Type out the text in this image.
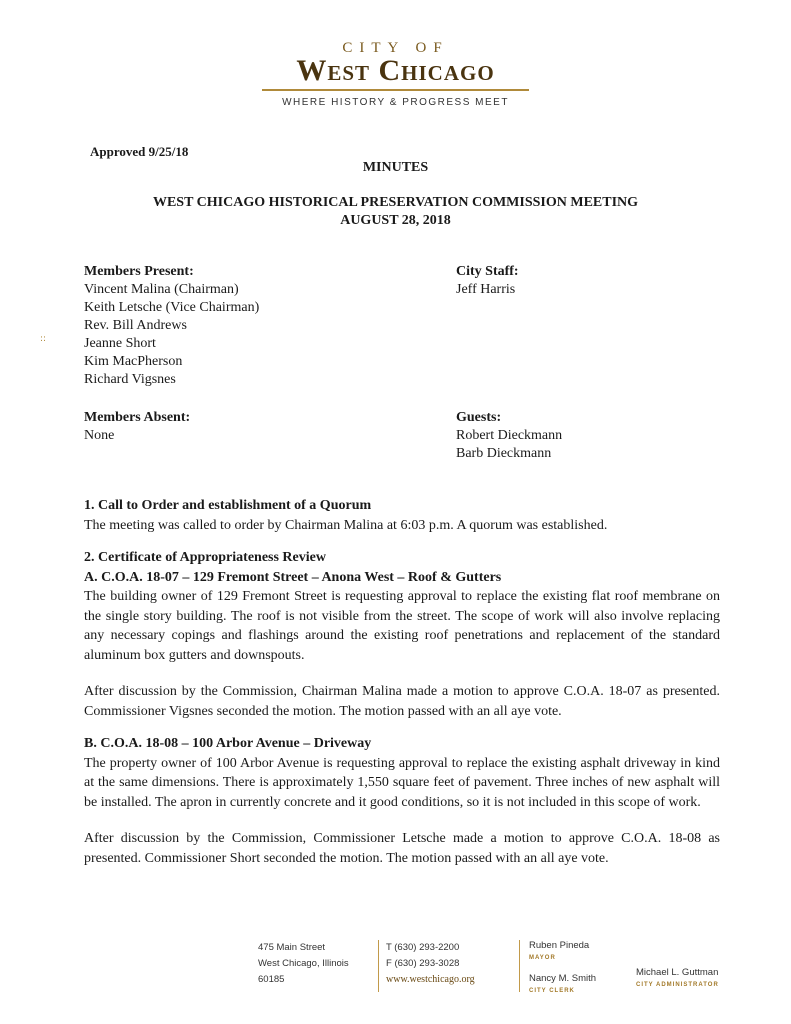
CITY OF
West Chicago
WHERE HISTORY & PROGRESS MEET
Approved 9/25/18
MINUTES
WEST CHICAGO HISTORICAL PRESERVATION COMMISSION MEETING
AUGUST 28, 2018
Members Present:
Vincent Malina (Chairman)
Keith Letsche (Vice Chairman)
Rev. Bill Andrews
Jeanne Short
Kim MacPherson
Richard Vigsnes
City Staff:
Jeff Harris
::
Members Absent:
None
Guests:
Robert Dieckmann
Barb Dieckmann
1. Call to Order and establishment of a Quorum
The meeting was called to order by Chairman Malina at 6:03 p.m. A quorum was established.
2. Certificate of Appropriateness Review
A. C.O.A. 18-07 – 129 Fremont Street – Anona West – Roof & Gutters
The building owner of 129 Fremont Street is requesting approval to replace the existing flat roof membrane on the single story building. The roof is not visible from the street. The scope of work will also involve replacing any necessary copings and flashings around the existing roof penetrations and replacement of the standard aluminum box gutters and downspouts.
After discussion by the Commission, Chairman Malina made a motion to approve C.O.A. 18-07 as presented. Commissioner Vigsnes seconded the motion. The motion passed with an all aye vote.
B. C.O.A. 18-08 – 100 Arbor Avenue – Driveway
The property owner of 100 Arbor Avenue is requesting approval to replace the existing asphalt driveway in kind at the same dimensions. There is approximately 1,550 square feet of pavement. Three inches of new asphalt will be installed. The apron in currently concrete and it good conditions, so it is not included in this scope of work.
After discussion by the Commission, Commissioner Letsche made a motion to approve C.O.A. 18-08 as presented. Commissioner Short seconded the motion. The motion passed with an all aye vote.
475 Main Street
West Chicago, Illinois
60185
T (630) 293-2200
F (630) 293-3028
www.westchicago.org
Ruben Pineda
MAYOR
Nancy M. Smith
CITY CLERK
Michael L. Guttman
CITY ADMINISTRATOR
